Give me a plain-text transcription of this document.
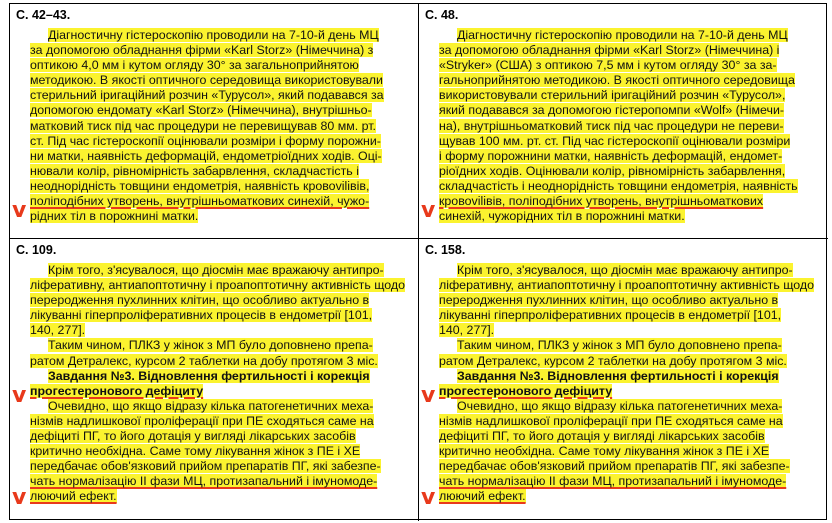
С. 42–43.
Діагностичну гістероскопію проводили на 7-10-й день МЦ
за допомогою обладнання фірми «Karl Storz» (Німеччина) з
оптикою 4,0 мм і кутом огляду 30° за загальноприйнятою
методикою. В якості оптичного середовища використовували
стерильний іригаційний розчин «Турусол», який подавався за
допомогою ендомату «Karl Storz» (Німеччина), внутрішньо-
матковий тиск під час процедури не перевищував 80 мм. рт.
ст. Під час гістероскопії оцінювали розміри і форму порожни-
ни матки, наявність деформацій, ендометріоїдних ходів. Оці-
нювали колір, рівномірність забарвлення, складчастість і
неоднорідність товщини ендометрія, наявність кровоviliвів,
поліподібних утворень, внутрішньоматкових синехій, чужо-
рідних тіл в порожнині матки.
v
С. 48.
Діагностичну гістероскопію проводили на 7-10-й день МЦ
за допомогою обладнання фірми «Karl Storz» (Німеччина) і
«Stryker» (США) з оптикою 7,5 мм і кутом огляду 30° за за-
гальноприйнятою методикою. В якості оптичного середовища
використовували стерильний іригаційний розчин «Турусол»,
який подавався за допомогою гістеропомпи «Wolf» (Німечи-
на), внутрішньоматковий тиск під час процедури не переви-
щував 100 мм. рт. ст. Під час гістероскопії оцінювали розміри
і форму порожнини матки, наявність деформацій, ендомет-
ріоїдних ходів. Оцінювали колір, рівномірність забарвлення,
складчастість і неоднорідність товщини ендометрія, наявність
кровоviliвів, поліподібних утворень, внутрішньоматкових
синехій, чужорідних тіл в порожнині матки.
v
С. 109.
Крім того, з'ясувалося, що діосмін має вражаючу антипро-
ліферативну, антиапоптотичну і проапоптотичну активність щодо
переродження пухлинних клітин, що особливо актуально в
лікуванні гіперпроліферативних процесів в ендометрії [101,
140, 277].
Таким чином, ПЛКЗ у жінок з МП було доповнено препа-
ратом Детралекс, курсом 2 таблетки на добу протягом 3 міс.
Завдання №3. Відновлення фертильності і корекція
прогестеронового дефіциту
Очевидно, що якщо відразу кілька патогенетичних меха-
нізмів надлишкової проліферації при ПЕ сходяться саме на
дефіциті ПГ, то його дотація у вигляді лікарських засобів
критично необхідна. Саме тому лікування жінок з ПЕ і ХЕ
передбачає обов'язковий прийом препаратів ПГ, які забезпе-
чать нормалізацію II фази МЦ, протизапальний і імуномоде-
люючий ефект.
v
v
С. 158.
Крім того, з'ясувалося, що діосмін має вражаючу антипро-
ліферативну, антиапоптотичну і проапоптотичну активність щодо
переродження пухлинних клітин, що особливо актуально в
лікуванні гіперпроліферативних процесів в ендометрії [101,
140, 277].
Таким чином, ПЛКЗ у жінок з МП було доповнено препа-
ратом Детралекс, курсом 2 таблетки на добу протягом 3 міс.
Завдання №3. Відновлення фертильності і корекція
прогестеронового дефіциту
Очевидно, що якщо відразу кілька патогенетичних меха-
нізмів надлишкової проліферації при ПЕ сходяться саме на
дефіциті ПГ, то його дотація у вигляді лікарських засобів
критично необхідна. Саме тому лікування жінок з ПЕ і ХЕ
передбачає обов'язковий прийом препаратів ПГ, які забезпе-
чать нормалізацію II фази МЦ, протизапальний і імуномоде-
люючий ефект.
v
v
